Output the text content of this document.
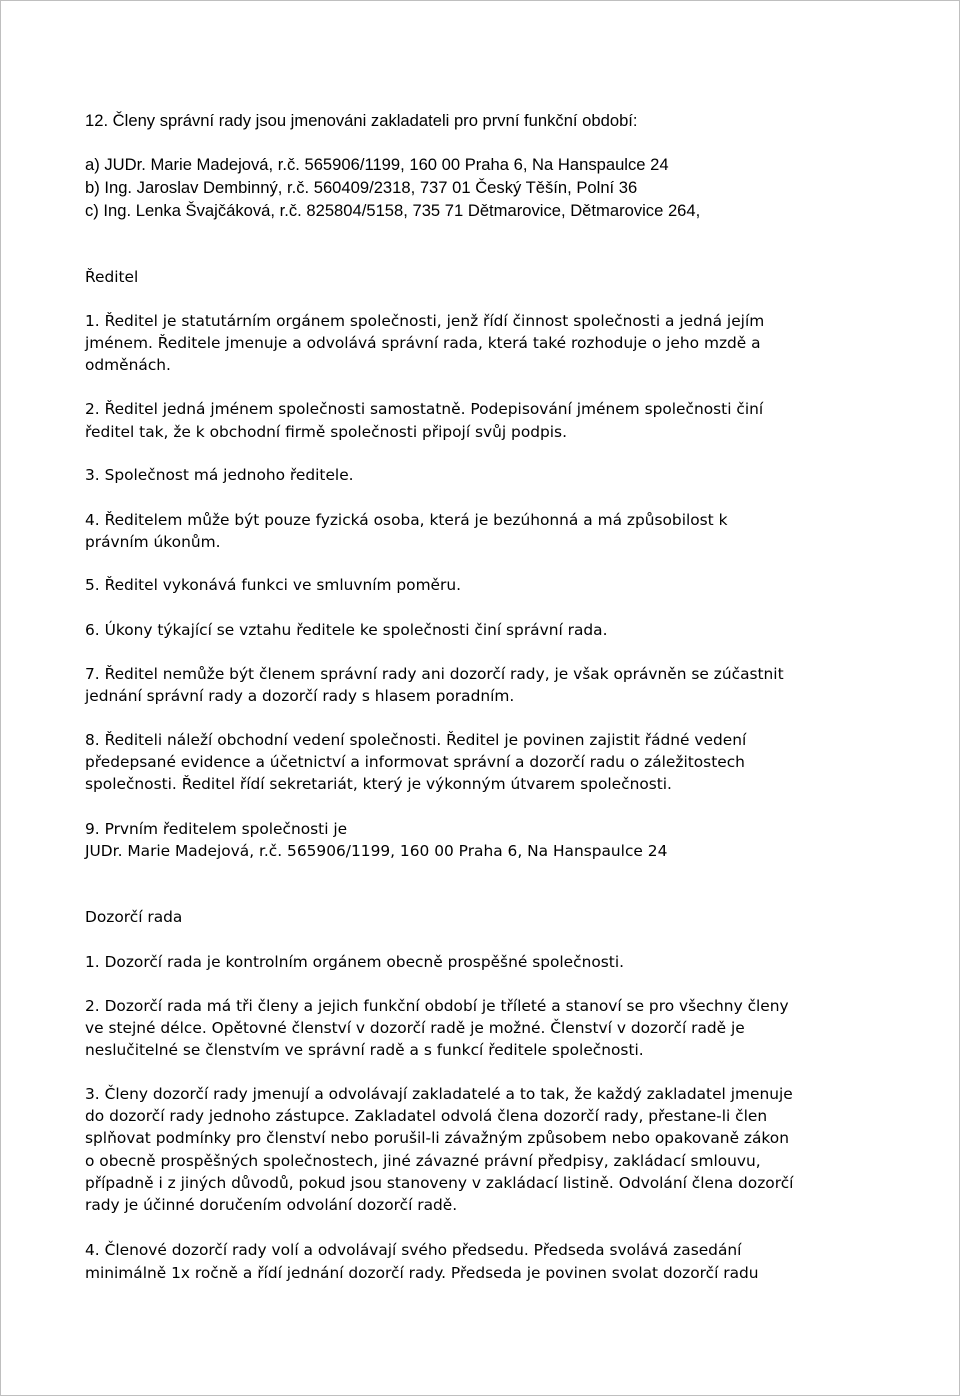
12. Členy správní rady jsou jmenováni zakladateli pro první funkční období:
a) JUDr. Marie Madejová, r.č. 565906/1199, 160 00 Praha 6, Na Hanspaulce 24
b) Ing. Jaroslav Dembinný, r.č. 560409/2318, 737 01 Český Těšín, Polní 36
c) Ing. Lenka Švajčáková, r.č. 825804/5158, 735 71 Dětmarovice, Dětmarovice 264,
Ředitel
1. Ředitel je statutárním orgánem společnosti, jenž řídí činnost společnosti a jedná jejím
jménem. Ředitele jmenuje a odvolává správní rada, která také rozhoduje o jeho mzdě a
odměnách.
2. Ředitel jedná jménem společnosti samostatně. Podepisování jménem společnosti činí
ředitel tak, že k obchodní firmě společnosti připojí svůj podpis.
3. Společnost má jednoho ředitele.
4. Ředitelem může být pouze fyzická osoba, která je bezúhonná a má způsobilost k
právním úkonům.
5. Ředitel vykonává funkci ve smluvním poměru.
6. Úkony týkající se vztahu ředitele ke společnosti činí správní rada.
7. Ředitel nemůže být členem správní rady ani dozorčí rady, je však oprávněn se zúčastnit
jednání správní rady a dozorčí rady s hlasem poradním.
8. Řediteli náleží obchodní vedení společnosti. Ředitel je povinen zajistit řádné vedení
předepsané evidence a účetnictví a informovat správní a dozorčí radu o záležitostech
společnosti. Ředitel řídí sekretariát, který je výkonným útvarem společnosti.
9. Prvním ředitelem společnosti je
JUDr. Marie Madejová, r.č. 565906/1199, 160 00 Praha 6, Na Hanspaulce 24
Dozorčí rada
1. Dozorčí rada je kontrolním orgánem obecně prospěšné společnosti.
2. Dozorčí rada má tři členy a jejich funkční období je tříleté a stanoví se pro všechny členy
ve stejné délce. Opětovné členství v dozorčí radě je možné. Členství v dozorčí radě je
neslučitelné se členstvím ve správní radě a s funkcí ředitele společnosti.
3. Členy dozorčí rady jmenují a odvolávají zakladatelé a to tak, že každý zakladatel jmenuje
do dozorčí rady jednoho zástupce. Zakladatel odvolá člena dozorčí rady, přestane-li člen
splňovat podmínky pro členství nebo porušil-li závažným způsobem nebo opakovaně zákon
o obecně prospěšných společnostech, jiné závazné právní předpisy, zakládací smlouvu,
případně i z jiných důvodů, pokud jsou stanoveny v zakládací listině. Odvolání člena dozorčí
rady je účinné doručením odvolání dozorčí radě.
4. Členové dozorčí rady volí a odvolávají svého předsedu. Předseda svolává zasedání
minimálně 1x ročně a řídí jednání dozorčí rady. Předseda je povinen svolat dozorčí radu
